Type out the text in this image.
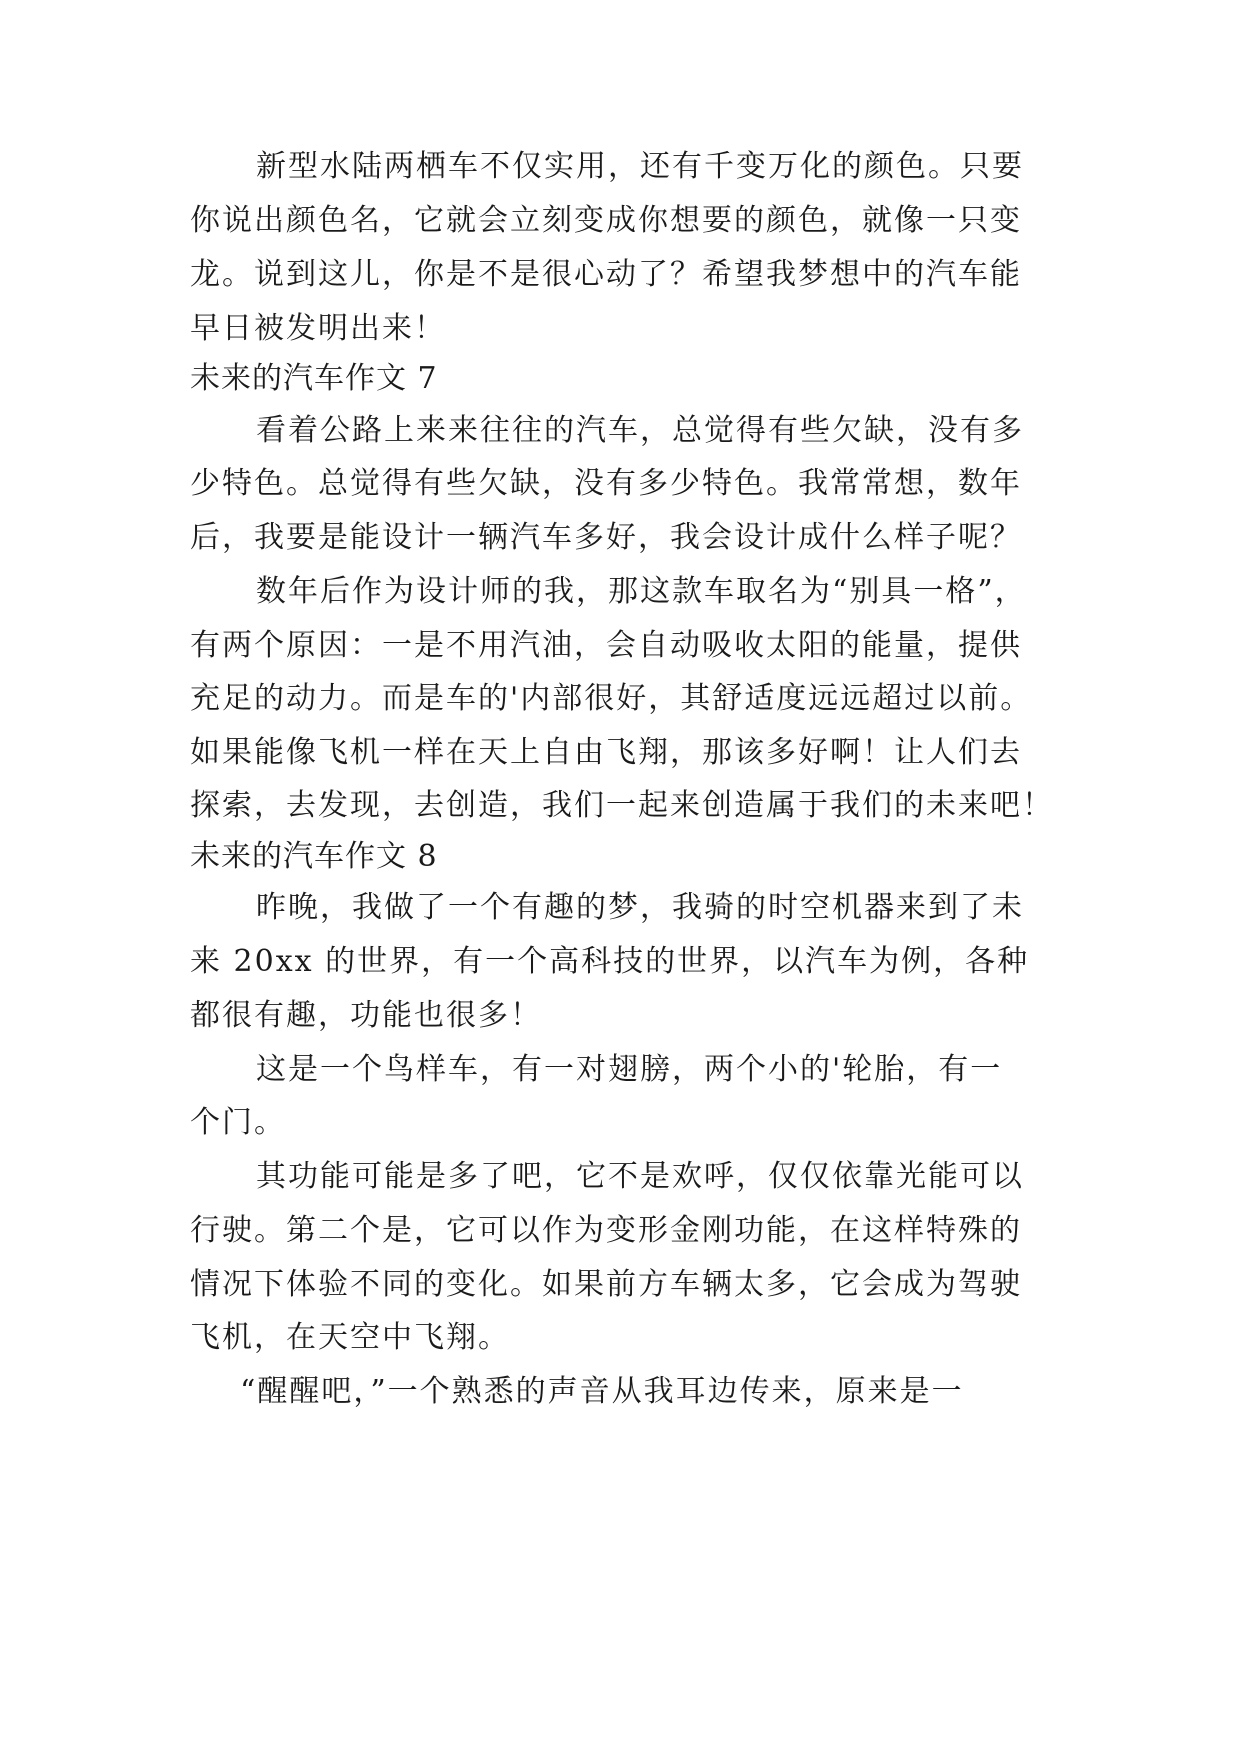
新型水陆两栖车不仅实用，还有千变万化的颜色。只要
你说出颜色名，它就会立刻变成你想要的颜色，就像一只变
龙。说到这儿，你是不是很心动了？希望我梦想中的汽车能
早日被发明出来！
未来的汽车作文 7
看着公路上来来往往的汽车，总觉得有些欠缺，没有多
少特色。总觉得有些欠缺，没有多少特色。我常常想，数年
后，我要是能设计一辆汽车多好，我会设计成什么样子呢？
数年后作为设计师的我，那这款车取名为“别具一格”，
有两个原因：一是不用汽油，会自动吸收太阳的能量，提供
充足的动力。而是车的'内部很好，其舒适度远远超过以前。
如果能像飞机一样在天上自由飞翔，那该多好啊！让人们去
探索，去发现，去创造，我们一起来创造属于我们的未来吧！
未来的汽车作文 8
昨晚，我做了一个有趣的梦，我骑的时空机器来到了未
来 20xx 的世界，有一个高科技的世界，以汽车为例，各种
都很有趣，功能也很多！
这是一个鸟样车，有一对翅膀，两个小的'轮胎，有一
个门。
其功能可能是多了吧，它不是欢呼，仅仅依靠光能可以
行驶。第二个是，它可以作为变形金刚功能，在这样特殊的
情况下体验不同的变化。如果前方车辆太多，它会成为驾驶
飞机，在天空中飞翔。
“醒醒吧，”一个熟悉的声音从我耳边传来，原来是一
